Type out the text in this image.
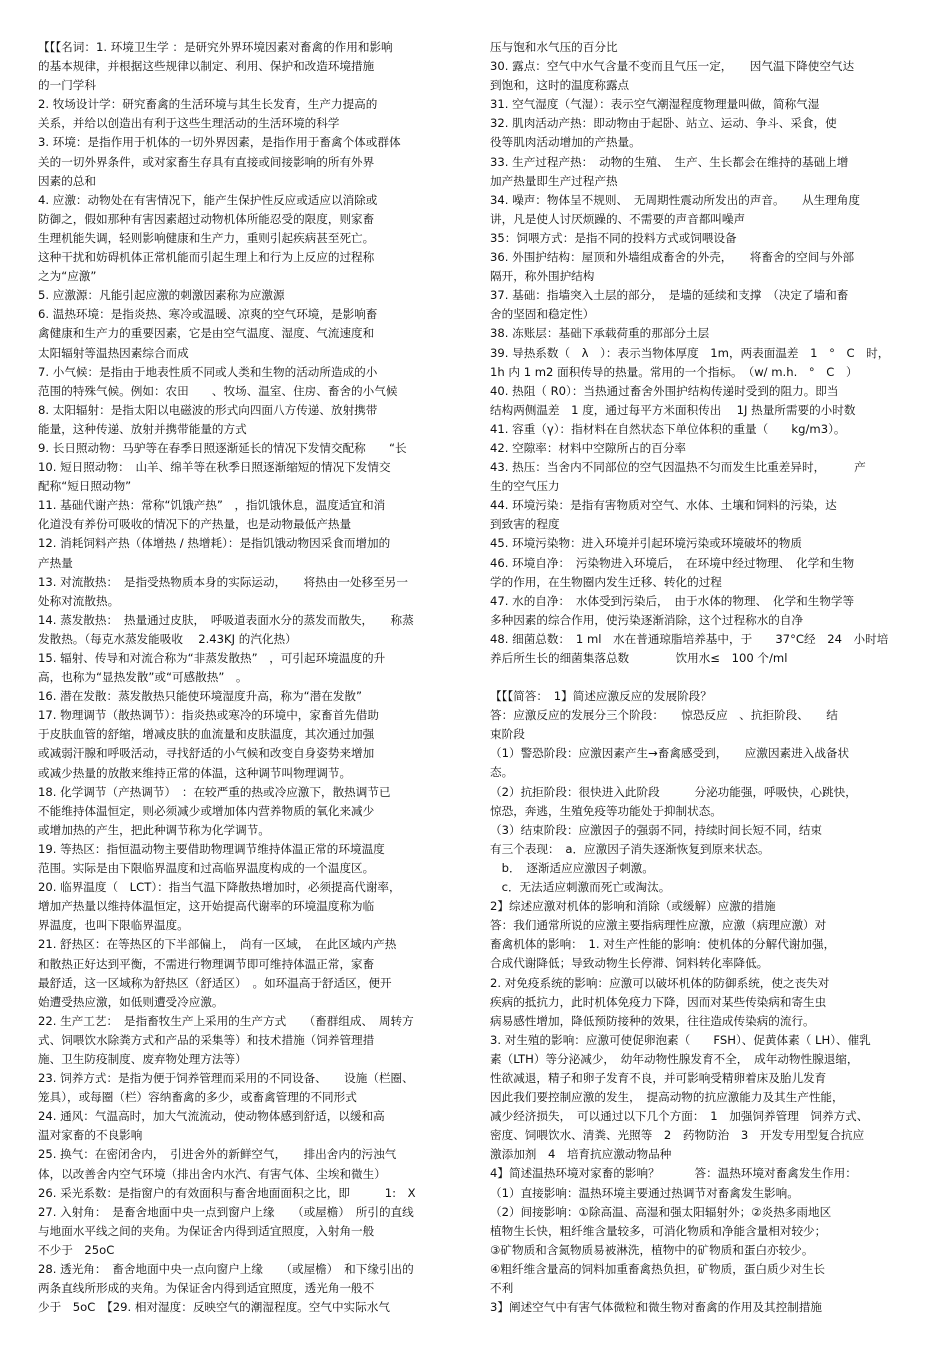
【【【名词：1. 环境卫生学 ：是研究外界环境因素对畜禽的作用和影响
的基本规律，并根据这些规律以制定、利用、保护和改造环境措施
的一门学科
2. 牧场设计学：研究畜禽的生活环境与其生长发育，生产力提高的
关系，并给以创造出有利于这些生理活动的生活环境的科学
3. 环境：是指作用于机体的一切外界因素，是指作用于畜禽个体或群体
关的一切外界条件，或对家畜生存具有直接或间接影响的所有外界
因素的总和
4. 应激：动物处在有害情况下，能产生保护性反应或适应以消除或
防御之，假如那种有害因素超过动物机体所能忍受的限度，则家畜
生理机能失调，轻则影响健康和生产力，重则引起疾病甚至死亡。
这种干扰和妨碍机体正常机能而引起生理上和行为上反应的过程称
之为“应激”
5. 应激源：凡能引起应激的刺激因素称为应激源
6. 温热环境：是指炎热、寒冷或温暖、凉爽的空气环境，是影响畜
禽健康和生产力的重要因素，它是由空气温度、湿度、气流速度和
太阳辐射等温热因素综合而成
7. 小气候：是指由于地表性质不同或人类和生物的活动所造成的小
范围的特殊气候。例如：农田　　、牧场、温室、住房、畜舍的小气候
8. 太阳辐射：是指太阳以电磁波的形式向四面八方传递、放射携带
能量，这种传递、放射并携带能量的方式
9. 长日照动物：马驴等在春季日照逐渐延长的情况下发情交配称　　“长
10. 短日照动物：　山羊、绵羊等在秋季日照逐渐缩短的情况下发情交
配称“短日照动物”
11. 基础代谢产热：常称“饥饿产热”　，指饥饿休息，温度适宜和消
化道没有养份可吸收的情况下的产热量，也是动物最低产热量
12. 消耗饲料产热（体增热 / 热增耗）：是指饥饿动物因采食而增加的
产热量
13. 对流散热：　是指受热物质本身的实际运动，　　将热由一处移至另一
处称对流散热。
14. 蒸发散热：　热量通过皮肤，　呼吸道表面水分的蒸发而散失，　　称蒸
发散热。（每克水蒸发能吸收　 2.43KJ 的汽化热）
15. 辐射、传导和对流合称为“非蒸发散热”　，可引起环境温度的升
高，也称为“显热发散”或“可感散热”　。
16. 潜在发散：蒸发散热只能使环境湿度升高，称为“潜在发散”
17. 物理调节（散热调节）：指炎热或寒冷的环境中，家畜首先借助
于皮肤血管的舒缩，增减皮肤的血流量和皮肤温度，其次通过加强
或减弱汗腺和呼吸活动，寻找舒适的小气候和改变自身姿势来增加
或减少热量的放散来维持正常的体温，这种调节叫物理调节。
18. 化学调节（产热调节）　：在较严重的热或冷应激下，散热调节已
不能维持体温恒定，则必须减少或增加体内营养物质的氧化来减少
或增加热的产生，把此种调节称为化学调节。
19. 等热区：指恒温动物主要借助物理调节维持体温正常的环境温度
范围。实际是由下限临界温度和过高临界温度构成的一个温度区。
20. 临界温度（　LCT）：指当气温下降散热增加时，必须提高代谢率，
增加产热量以维持体温恒定，这开始提高代谢率的环境温度称为临
界温度，也叫下限临界温度。
21. 舒热区：在等热区的下半部偏上，　尚有一区域，　在此区域内产热
和散热正好达到平衡，不需进行物理调节即可维持体温正常，家畜
最舒适，这一区域称为舒热区（舒适区）　。如环温高于舒适区，便开
始遭受热应激，如低则遭受冷应激。
22. 生产工艺：　是指畜牧生产上采用的生产方式　　（畜群组成、　周转方
式、饲喂饮水除粪方式和产品的采集等）和技术措施（饲养管理措
施、卫生防疫制度、废弃物处理方法等）
23. 饲养方式：是指为便于饲养管理而采用的不同设备、　　设施（栏圈、
笼具），或每圈（栏）容纳畜禽的多少，或畜禽管理的不同形式
24. 通风：气温高时，加大气流流动，使动物体感到舒适，以缓和高
温对家畜的不良影响
25. 换气：在密闭舍内，　引进舍外的新鲜空气，　　排出舍内的污浊气
体，以改善舍内空气环境（排出舍内水汽、有害气体、尘埃和微生）
26. 采光系数：是指窗户的有效面积与畜舍地面面积之比，即　　　1:　X
27. 入射角：　是畜舍地面中央一点到窗户上缘　　（或屋檐）　所引的直线
与地面水平线之间的夹角。为保证舍内得到适宜照度，入射角一般
不少于　25oC
28. 透光角：　畜舍地面中央一点向窗户上缘　　（或屋檐）　和下缘引出的
两条直线所形成的夹角。为保证舍内得到适宜照度，透光角一般不
少于　5oC　【29. 相对湿度：反映空气的潮湿程度。空气中实际水气
压与饱和水气压的百分比
30. 露点：空气中水气含量不变而且气压一定，　　因气温下降使空气达
到饱和，这时的温度称露点
31. 空气湿度（气湿）：表示空气潮湿程度物理量叫做，简称气湿
32. 肌肉活动产热：即动物由于起卧、站立、运动、争斗、采食，使
役等肌肉活动增加的产热量。
33. 生产过程产热：　动物的生殖、　生产、生长都会在维持的基础上增
加产热量即生产过程产热
34. 噪声：物体呈不规则、　无周期性震动所发出的声音。　　从生理角度
讲，凡是使人讨厌烦躁的、不需要的声音都叫噪声
35：饲喂方式：是指不同的投料方式或饲喂设备
36. 外围护结构：屋顶和外墙组成畜舍的外壳，　　将畜舍的空间与外部
隔开，称外围护结构
37. 基础：指墙突入土层的部分，　是墙的延续和支撑　（决定了墙和畜
舍的坚固和稳定性）
38. 冻账层：基础下承载荷重的那部分土层
39. 导热系数（　λ　）：表示当物体厚度　1m，两表面温差　1　°　C　时，
1h 内 1 m2 面积传导的热量。常用的一个指标。　（w/ m.h.　°　C　）
40. 热阻（ R0）：当热通过畜舍外围护结构传递时受到的阻力。即当
结构两侧温差　1 度，通过每平方米面积传出　 1J 热量所需要的小时数
41. 容重（γ）：指材料在自然状态下单位体积的重量（　　kg/m3）。
42. 空隙率：材料中空隙所占的百分率
43. 热压：当舍内不同部位的空气因温热不匀而发生比重差异时，　　　产
生的空气压力
44. 环境污染：是指有害物质对空气、水体、土壤和饲料的污染，达
到致害的程度
45. 环境污染物：进入环境并引起环境污染或环境破坏的物质
46. 环境自净：　污染物进入环境后，　在环境中经过物理、　化学和生物
学的作用，在生物圈内发生迁移、转化的过程
47. 水的自净：　水体受到污染后，　由于水体的物理、　化学和生物学等
多种因素的综合作用，使污染逐渐消除，这个过程称水的自净
48. 细菌总数：　1 ml　水在普通琼脂培养基中，于　　37°C经　24　小时培
养后所生长的细菌集落总数　　　　饮用水≤　100 个/ml
【【【简答：　1】简述应激反应的发展阶段？
答：应激反应的发展分三个阶段：　　惊恐反应　、抗拒阶段、　　结
束阶段
（1）警恐阶段：应激因素产生→畜禽感受到，　　应激因素进入战备状
态。
（2）抗拒阶段：很快进入此阶段　　　分泌功能强，呼吸快，心跳快，
惊恐，奔逃，生殖免疫等功能处于抑制状态。
（3）结束阶段：应激因子的强弱不同，持续时间长短不同，结束
有三个表现：　a．应激因子消失逐渐恢复到原来状态。
　b．　逐渐适应应激因子刺激。
　c．无法适应刺激而死亡或淘汰。
2】综述应激对机体的影响和消除（或缓解）应激的措施
答：我们通常所说的应激主要指病理性应激，应激（病理应激）对
畜禽机体的影响：　1. 对生产性能的影响：使机体的分解代谢加强，
合成代谢降低；导致动物生长停滞、饲料转化率降低。
2. 对免疫系统的影响：应激可以破坏机体的防御系统，使之丧失对
疾病的抵抗力，此时机体免疫力下降，因而对某些传染病和寄生虫
病易感性增加，降低预防接种的效果，往往造成传染病的流行。
3. 对生殖的影响：应激可使促卵泡素（　　FSH）、促黄体素（ LH）、催乳
素（LTH）等分泌减少，　幼年动物性腺发育不全，　成年动物性腺退缩，
性欲减退，精子和卵子发育不良，并可影响受精卵着床及胎儿发育
因此我们要控制应激的发生，　提高动物的抗应激能力及其生产性能，
减少经济损失，　可以通过以下几个方面：　1　加强饲养管理　饲养方式、
密度、饲喂饮水、清粪、光照等　2　药物防治　3　开发专用型复合抗应
激添加剂　4　培育抗应激动物品种
4】简述温热环境对家畜的影响？　　　答：温热环境对畜禽发生作用：
（1）直接影响：温热环境主要通过热调节对畜禽发生影响。
（2）间接影响：①除高温、高湿和强太阳辐射外；②炎热多雨地区
植物生长快，粗纤维含量较多，可消化物质和净能含量相对较少；
③矿物质和含氮物质易被淋洗，植物中的矿物质和蛋白亦较少。
④粗纤维含量高的饲料加重畜禽热负担，矿物质，蛋白质少对生长
不利
3】阐述空气中有害气体微粒和微生物对畜禽的作用及其控制措施
